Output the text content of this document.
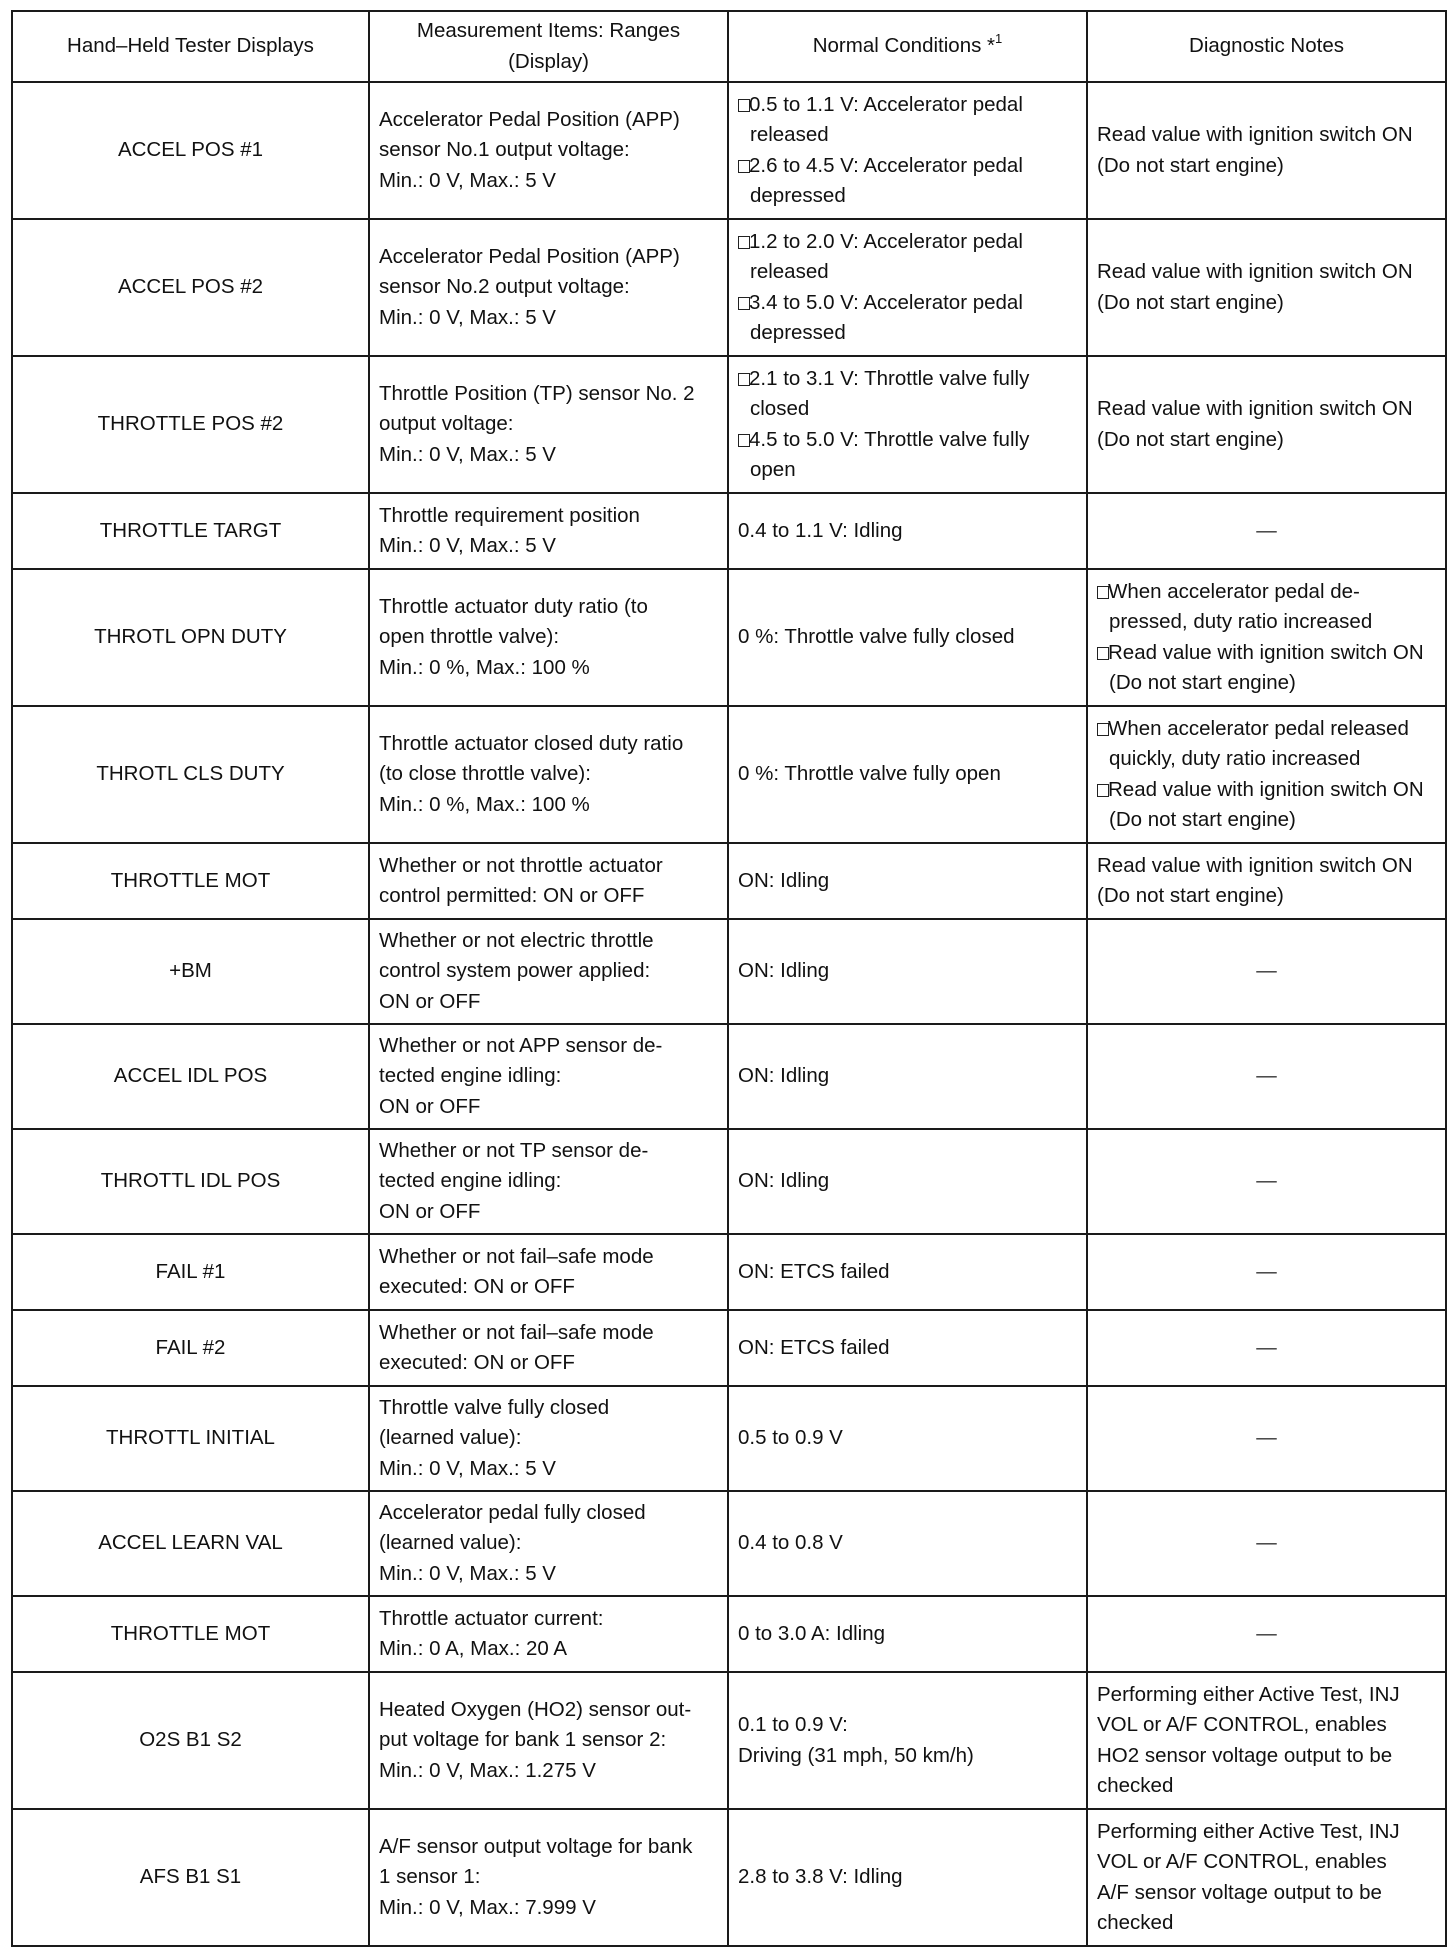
Hand–Held Tester Displays	Measurement Items: Ranges
(Display)	Normal Conditions *$^1$	Diagnostic Notes
ACCEL POS #1	Accelerator Pedal Position (APP)
sensor No.1 output voltage:
Min.: 0 V, Max.: 5 V	0.5 to 1.1 V: Accelerator pedal released
2.6 to 4.5 V: Accelerator pedal depressed	Read value with ignition switch ON
(Do not start engine)
ACCEL POS #2	Accelerator Pedal Position (APP)
sensor No.2 output voltage:
Min.: 0 V, Max.: 5 V	1.2 to 2.0 V: Accelerator pedal released
3.4 to 5.0 V: Accelerator pedal depressed	Read value with ignition switch ON
(Do not start engine)
THROTTLE POS #2	Throttle Position (TP) sensor No. 2
output voltage:
Min.: 0 V, Max.: 5 V	2.1 to 3.1 V: Throttle valve fully closed
4.5 to 5.0 V: Throttle valve fully open	Read value with ignition switch ON
(Do not start engine)
THROTTLE TARGT	Throttle requirement position
Min.: 0 V, Max.: 5 V	0.4 to 1.1 V: Idling	—
THROTL OPN DUTY	Throttle actuator duty ratio (to
open throttle valve):
Min.: 0 %, Max.: 100 %	0 %: Throttle valve fully closed	When accelerator pedal de- pressed, duty ratio increased
Read value with ignition switch ON (Do not start engine)

THROTL CLS DUTY	Throttle actuator closed duty ratio
(to close throttle valve):
Min.: 0 %, Max.: 100 %	0 %: Throttle valve fully open	When accelerator pedal released quickly, duty ratio increased
Read value with ignition switch ON (Do not start engine)

THROTTLE MOT	Whether or not throttle actuator
control permitted: ON or OFF	ON: Idling	Read value with ignition switch ON
(Do not start engine)
+BM	Whether or not electric throttle
control system power applied:
ON or OFF	ON: Idling	—
ACCEL IDL POS	Whether or not APP sensor de-
tected engine idling:
ON or OFF	ON: Idling	—
THROTTL IDL POS	Whether or not TP sensor de-
tected engine idling:
ON or OFF	ON: Idling	—
FAIL #1	Whether or not fail–safe mode
executed: ON or OFF	ON: ETCS failed	—
FAIL #2	Whether or not fail–safe mode
executed: ON or OFF	ON: ETCS failed	—
THROTTL INITIAL	Throttle valve fully closed
(learned value):
Min.: 0 V, Max.: 5 V	0.5 to 0.9 V	—
ACCEL LEARN VAL	Accelerator pedal fully closed
(learned value):
Min.: 0 V, Max.: 5 V	0.4 to 0.8 V	—
THROTTLE MOT	Throttle actuator current:
Min.: 0 A, Max.: 20 A	0 to 3.0 A: Idling	—
O2S B1 S2	Heated Oxygen (HO2) sensor out-
put voltage for bank 1 sensor 2:
Min.: 0 V, Max.: 1.275 V	0.1 to 0.9 V:
Driving (31 mph, 50 km/h)	Performing either Active Test, INJ
VOL or A/F CONTROL, enables
HO2 sensor voltage output to be
checked
AFS B1 S1	A/F sensor output voltage for bank
1 sensor 1:
Min.: 0 V, Max.: 7.999 V	2.8 to 3.8 V: Idling	Performing either Active Test, INJ
VOL or A/F CONTROL, enables
A/F sensor voltage output to be
checked
